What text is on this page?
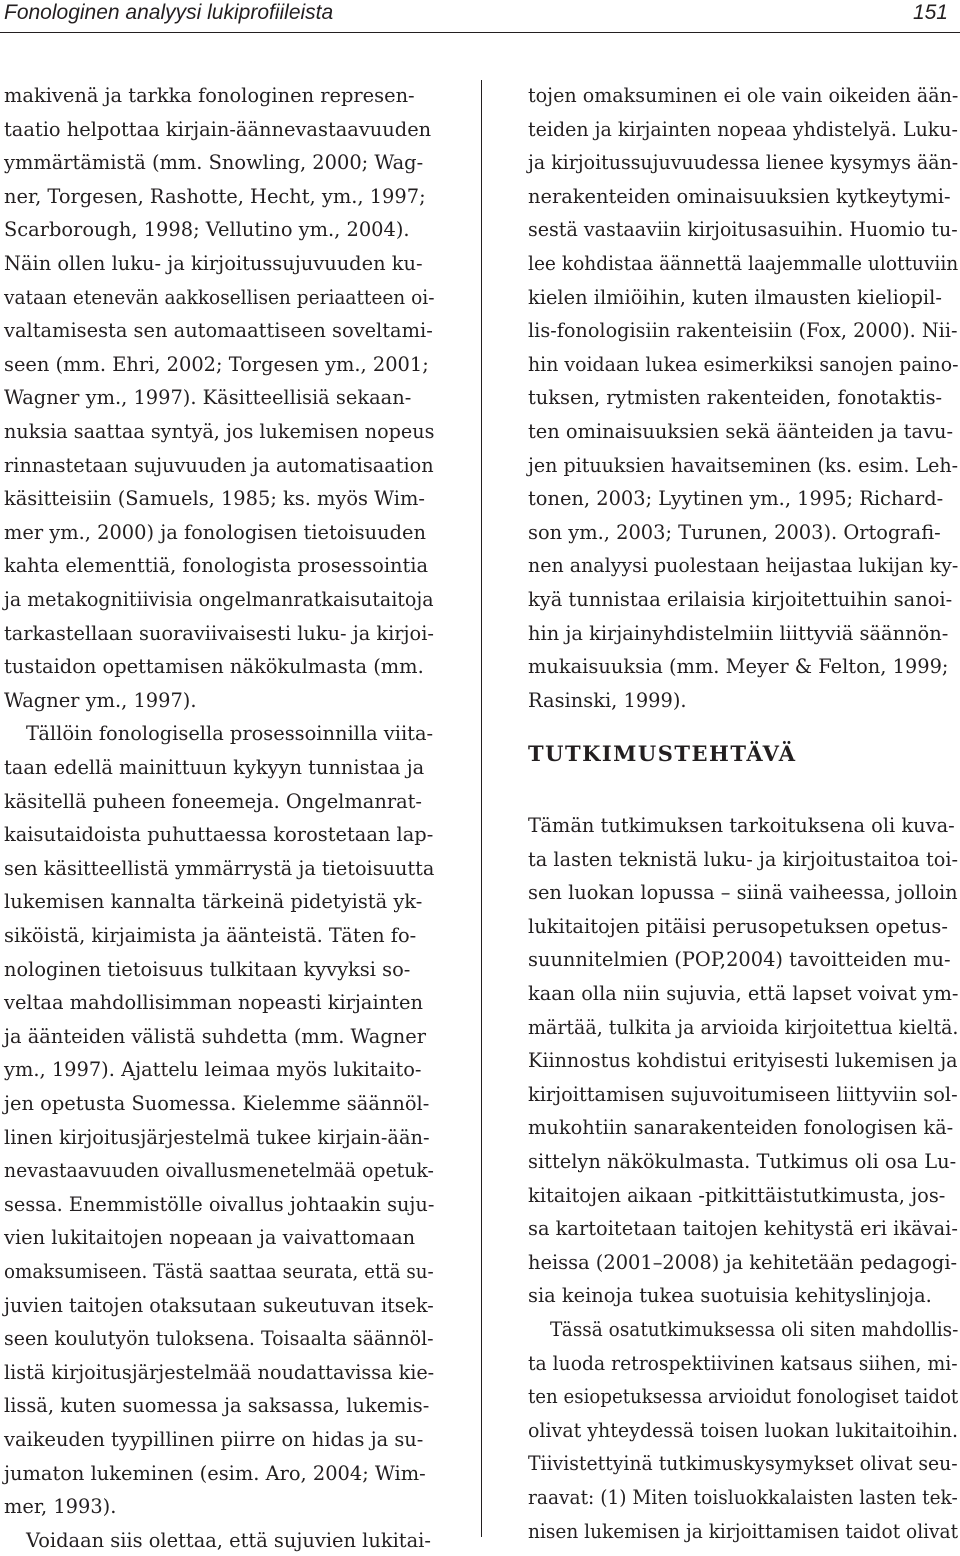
Fonologinen analyysi lukiprofiileista	151
makivenä ja tarkka fonologinen represen-
taatio helpottaa kirjain-äännevastaavuuden
ymmärtämistä (mm. Snowling, 2000; Wag-
ner, Torgesen, Rashotte, Hecht, ym., 1997;
Scarborough, 1998; Vellutino ym., 2004).
Näin ollen luku- ja kirjoitussujuvuuden ku-
vataan etenevän aakkosellisen periaatteen oi-
valtamisesta sen automaattiseen soveltami-
seen (mm. Ehri, 2002; Torgesen ym., 2001;
Wagner ym., 1997). Käsitteellisiä sekaan-
nuksia saattaa syntyä, jos lukemisen nopeus
rinnastetaan sujuvuuden ja automatisaation
käsitteisiin (Samuels, 1985; ks. myös Wim-
mer ym., 2000) ja fonologisen tietoisuuden
kahta elementtiä, fonologista prosessointia
ja metakognitiivisia ongelmanratkaisutaitoja
tarkastellaan suoraviivaisesti luku- ja kirjoi-
tustaidon opettamisen näkökulmasta (mm.
Wagner ym., 1997).
Tällöin fonologisella prosessoinnilla viita-
taan edellä mainittuun kykyyn tunnistaa ja
käsitellä puheen foneemeja. Ongelmanrat-
kaisutaidoista puhuttaessa korostetaan lap-
sen käsitteellistä ymmärrystä ja tietoisuutta
lukemisen kannalta tärkeinä pidetyistä yk-
siköistä, kirjaimista ja äänteistä. Täten fo-
nologinen tietoisuus tulkitaan kyvyksi so-
veltaa mahdollisimman nopeasti kirjainten
ja äänteiden välistä suhdetta (mm. Wagner
ym., 1997). Ajattelu leimaa myös lukitaito-
jen opetusta Suomessa. Kielemme säännöl-
linen kirjoitusjärjestelmä tukee kirjain-ään-
nevastaavuuden oivallusmenetelmää opetuk-
sessa. Enemmistölle oivallus johtaakin suju-
vien lukitaitojen nopeaan ja vaivattomaan
omaksumiseen. Tästä saattaa seurata, että su-
juvien taitojen otaksutaan sukeutuvan itsek-
seen koulutyön tuloksena. Toisaalta säännöl-
listä kirjoitusjärjestelmää noudattavissa kie-
lissä, kuten suomessa ja saksassa, lukemis-
vaikeuden tyypillinen piirre on hidas ja su-
jumaton lukeminen (esim. Aro, 2004; Wim-
mer, 1993).
Voidaan siis olettaa, että sujuvien lukitai-
tojen omaksuminen ei ole vain oikeiden ään-
teiden ja kirjainten nopeaa yhdistelyä. Luku-
ja kirjoitussujuvuudessa lienee kysymys ään-
nerakenteiden ominaisuuksien kytkeytymi-
sestä vastaaviin kirjoitusasuihin. Huomio tu-
lee kohdistaa äännettä laajemmalle ulottuviin
kielen ilmiöihin, kuten ilmausten kieliopil-
lis-fonologisiin rakenteisiin (Fox, 2000). Nii-
hin voidaan lukea esimerkiksi sanojen paino-
tuksen, rytmisten rakenteiden, fonotaktis-
ten ominaisuuksien sekä äänteiden ja tavu-
jen pituuksien havaitseminen (ks. esim. Leh-
tonen, 2003; Lyytinen ym., 1995; Richard-
son ym., 2003; Turunen, 2003). Ortografi-
nen analyysi puolestaan heijastaa lukijan ky-
kyä tunnistaa erilaisia kirjoitettuihin sanoi-
hin ja kirjainyhdistelmiin liittyviä säännön-
mukaisuuksia (mm. Meyer & Felton, 1999;
Rasinski, 1999).
TUTKIMUSTEHTÄVÄ
Tämän tutkimuksen tarkoituksena oli kuva-
ta lasten teknistä luku- ja kirjoitustaitoa toi-
sen luokan lopussa – siinä vaiheessa, jolloin
lukitaitojen pitäisi perusopetuksen opetus-
suunnitelmien (POP,2004) tavoitteiden mu-
kaan olla niin sujuvia, että lapset voivat ym-
märtää, tulkita ja arvioida kirjoitettua kieltä.
Kiinnostus kohdistui erityisesti lukemisen ja
kirjoittamisen sujuvoitumiseen liittyviin sol-
mukohtiin sanarakenteiden fonologisen kä-
sittelyn näkökulmasta. Tutkimus oli osa Lu-
kitaitojen aikaan -pitkittäistutkimusta, jos-
sa kartoitetaan taitojen kehitystä eri ikävai-
heissa (2001–2008) ja kehitetään pedagogi-
sia keinoja tukea suotuisia kehityslinjoja.
Tässä osatutkimuksessa oli siten mahdollis-
ta luoda retrospektiivinen katsaus siihen, mi-
ten esiopetuksessa arvioidut fonologiset taidot
olivat yhteydessä toisen luokan lukitaitoihin.
Tiivistettyinä tutkimuskysymykset olivat seu-
raavat: (1) Miten toisluokkalaisten lasten tek-
nisen lukemisen ja kirjoittamisen taidot olivat
